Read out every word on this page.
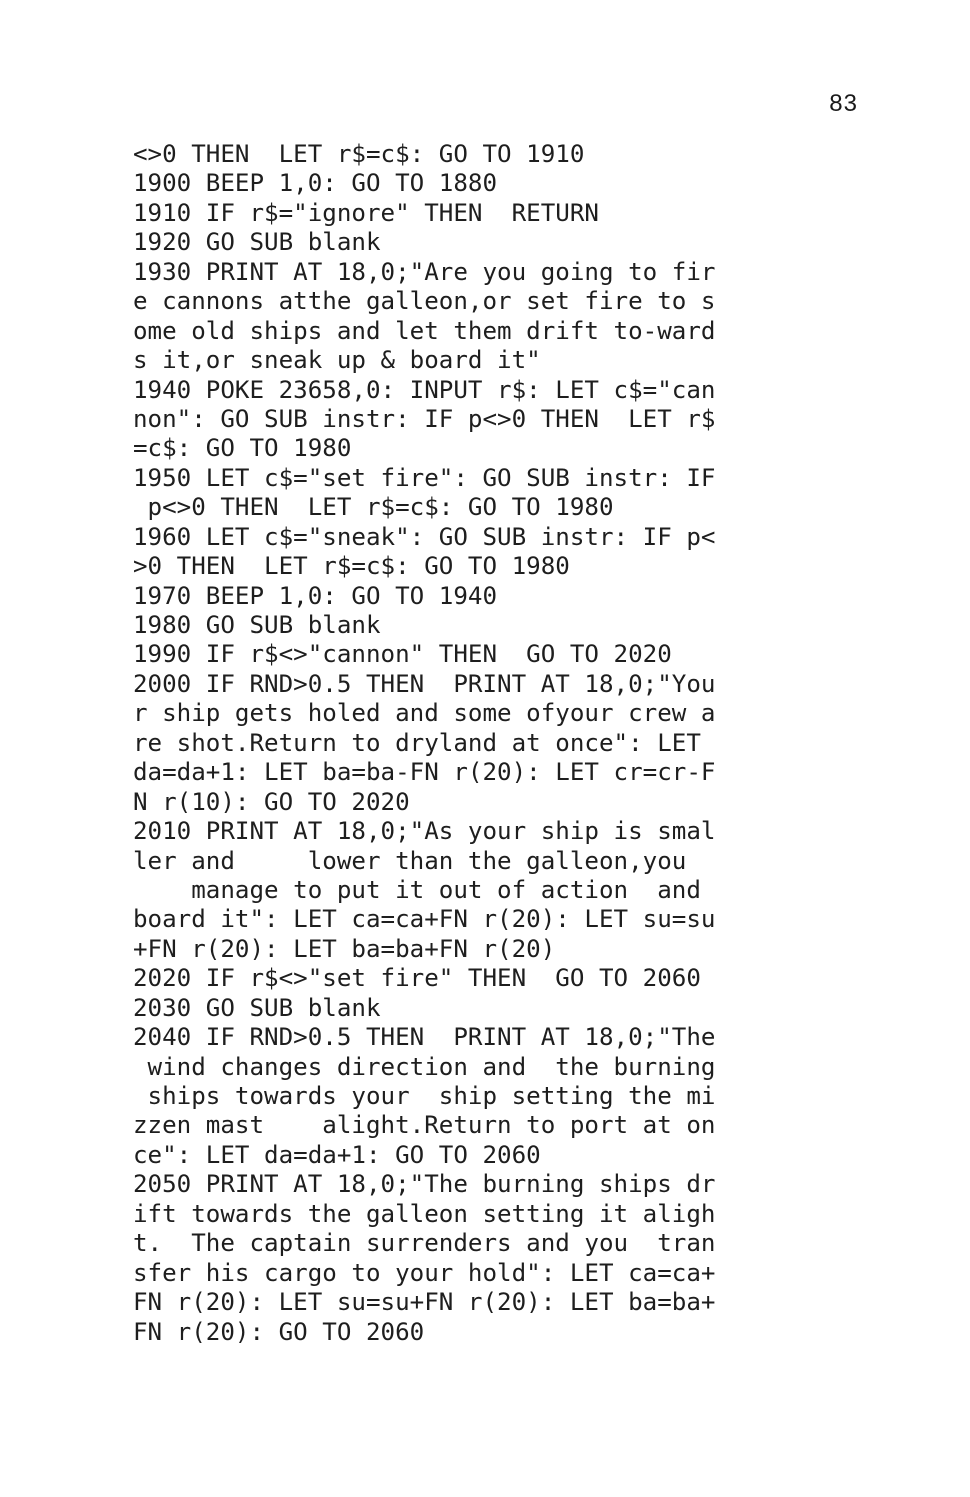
83
<>0 THEN  LET r$=c$: GO TO 1910
1900 BEEP 1,0: GO TO 1880
1910 IF r$="ignore" THEN  RETURN
1920 GO SUB blank
1930 PRINT AT 18,0;"Are you going to fir
e cannons atthe galleon,or set fire to s
ome old ships and let them drift to-ward
s it,or sneak up & board it"
1940 POKE 23658,0: INPUT r$: LET c$="can
non": GO SUB instr: IF p<>0 THEN  LET r$
=c$: GO TO 1980
1950 LET c$="set fire": GO SUB instr: IF
p<>0 THEN  LET r$=c$: GO TO 1980
1960 LET c$="sneak": GO SUB instr: IF p<
>0 THEN  LET r$=c$: GO TO 1980
1970 BEEP 1,0: GO TO 1940
1980 GO SUB blank
1990 IF r$<>"cannon" THEN  GO TO 2020
2000 IF RND>0.5 THEN  PRINT AT 18,0;"You
r ship gets holed and some ofyour crew a
re shot.Return to dryland at once": LET
da=da+1: LET ba=ba-FN r(20): LET cr=cr-F
N r(10): GO TO 2020
2010 PRINT AT 18,0;"As your ship is smal
ler and     lower than the galleon,you
manage to put it out of action  and
board it": LET ca=ca+FN r(20): LET su=su
+FN r(20): LET ba=ba+FN r(20)
2020 IF r$<>"set fire" THEN  GO TO 2060
2030 GO SUB blank
2040 IF RND>0.5 THEN  PRINT AT 18,0;"The
wind changes direction and  the burning
ships towards your  ship setting the mi
zzen mast    alight.Return to port at on
ce": LET da=da+1: GO TO 2060
2050 PRINT AT 18,0;"The burning ships dr
ift towards the galleon setting it aligh
t.  The captain surrenders and you  tran
sfer his cargo to your hold": LET ca=ca+
FN r(20): LET su=su+FN r(20): LET ba=ba+
FN r(20): GO TO 2060
